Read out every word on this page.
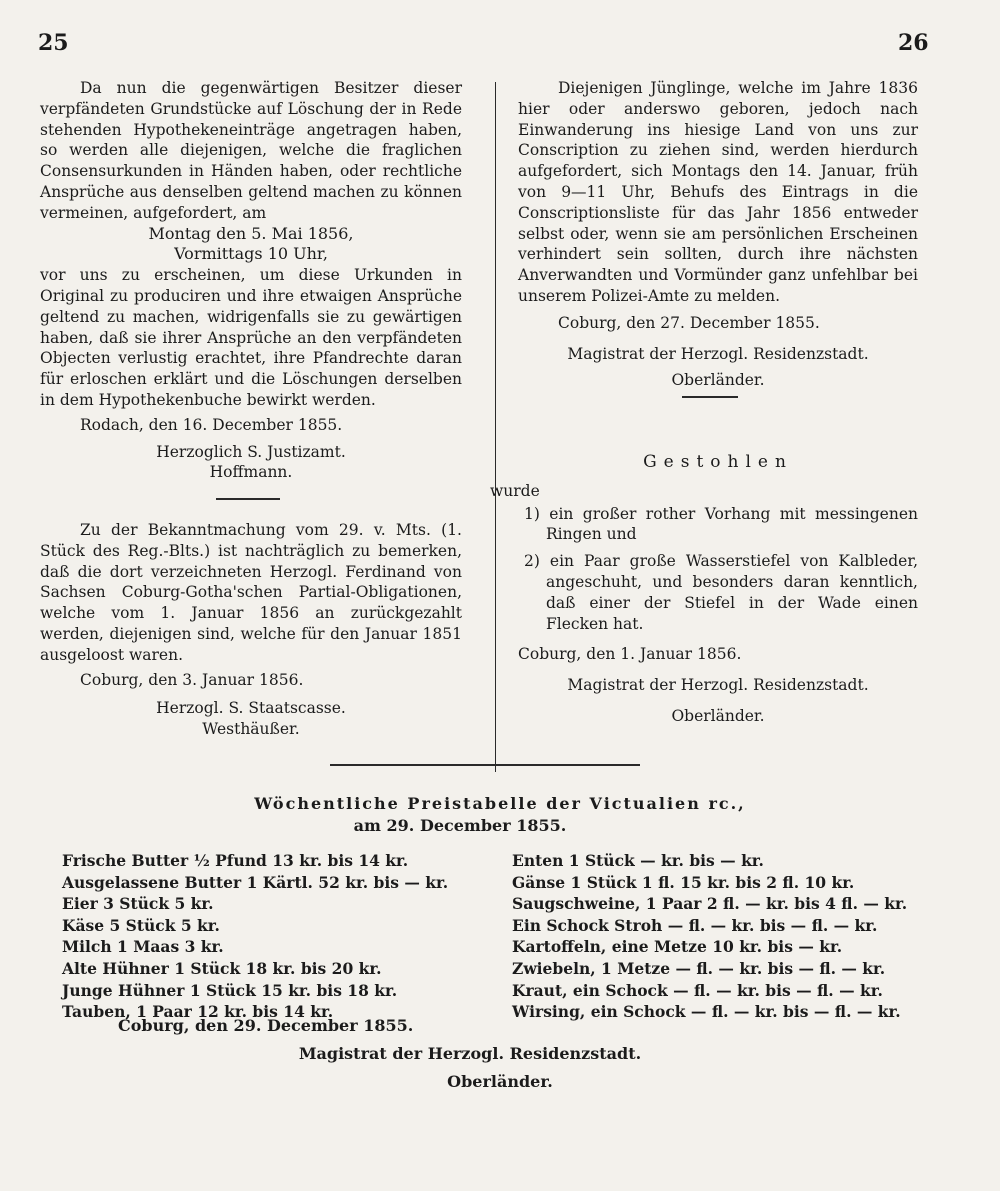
25	26

Da nun die gegenwärtigen Besitzer dieser verpfändeten Grundstücke auf Löschung der in Rede stehenden Hypothekeneinträge angetragen haben, so werden alle diejenigen, welche die fraglichen Consensurkunden in Händen haben, oder rechtliche Ansprüche aus denselben geltend machen zu können vermeinen, aufgefordert, am

Montag den 5. Mai 1856,

Vormittags 10 Uhr,

vor uns zu erscheinen, um diese Urkunden in Original zu produciren und ihre etwaigen Ansprüche geltend zu machen, widrigenfalls sie zu gewärtigen haben, daß sie ihrer Ansprüche an den verpfändeten Objecten verlustig erachtet, ihre Pfandrechte daran für erloschen erklärt und die Löschungen derselben in dem Hypothekenbuche bewirkt werden.

Rodach, den 16. December 1855.

Herzoglich S. Justizamt.

Hoffmann.

Zu der Bekanntmachung vom 29. v. Mts. (1. Stück des Reg.-Blts.) ist nachträglich zu bemerken, daß die dort verzeichneten Herzogl. Ferdinand von Sachsen Coburg-Gotha'schen Partial-Obligationen, welche vom 1. Januar 1856 an zurückgezahlt werden, diejenigen sind, welche für den Januar 1851 ausgeloost waren.

Coburg, den 3. Januar 1856.

Herzogl. S. Staatscasse.

Westhäußer.

Diejenigen Jünglinge, welche im Jahre 1836 hier oder anderswo geboren, jedoch nach Einwanderung ins hiesige Land von uns zur Conscription zu ziehen sind, werden hierdurch aufgefordert, sich Montags den 14. Januar, früh von 9—11 Uhr, Behufs des Eintrags in die Conscriptionsliste für das Jahr 1856 entweder selbst oder, wenn sie am persönlichen Erscheinen verhindert sein sollten, durch ihre nächsten Anverwandten und Vormünder ganz unfehlbar bei unserem Polizei-Amte zu melden.

Coburg, den 27. December 1855.

Magistrat der Herzogl. Residenzstadt.

Oberländer.

Gestohlen

wurde

1) ein großer rother Vorhang mit messingenen Ringen und

2) ein Paar große Wasserstiefel von Kalbleder, angeschuht, und besonders daran kenntlich, daß einer der Stiefel in der Wade einen Flecken hat.

Coburg, den 1. Januar 1856.

Magistrat der Herzogl. Residenzstadt.

Oberländer.

Wöchentliche Preistabelle der Victualien rc.,
am 29. December 1855.
Frische Butter ½ Pfund 13 kr. bis 14 kr.
Ausgelassene Butter 1 Kärtl. 52 kr. bis — kr.
Eier 3 Stück 5 kr.
Käse 5 Stück 5 kr.
Milch 1 Maas 3 kr.
Alte Hühner 1 Stück 18 kr. bis 20 kr.
Junge Hühner 1 Stück 15 kr. bis 18 kr.
Tauben, 1 Paar 12 kr. bis 14 kr.
Enten 1 Stück — kr. bis — kr.
Gänse 1 Stück 1 fl. 15 kr. bis 2 fl. 10 kr.
Saugschweine, 1 Paar 2 fl. — kr. bis 4 fl. — kr.
Ein Schock Stroh — fl. — kr. bis — fl. — kr.
Kartoffeln, eine Metze 10 kr. bis — kr.
Zwiebeln, 1 Metze — fl. — kr. bis — fl. — kr.
Kraut, ein Schock — fl. — kr. bis — fl. — kr.
Wirsing, ein Schock — fl. — kr. bis — fl. — kr.
Coburg, den 29. December 1855.
Magistrat der Herzogl. Residenzstadt.
Oberländer.
